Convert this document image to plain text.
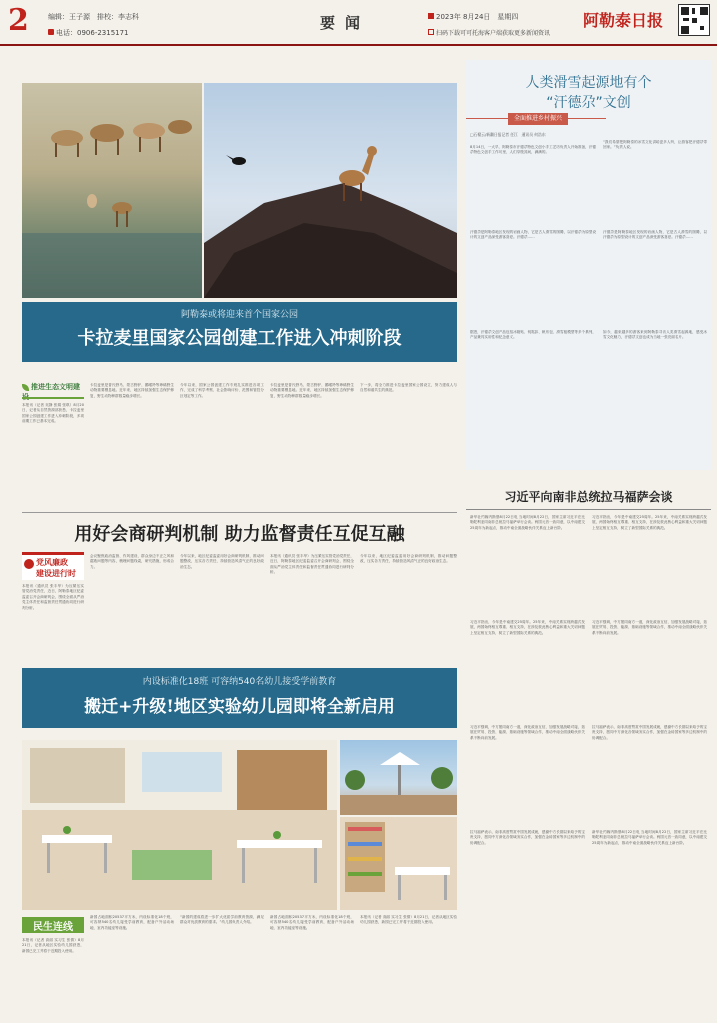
2	编辑：王子源　排校：李志科
电话：0906-2315171
要闻	2023年 8月24日　星期四
扫码下载可可托海客户端获取更多新闻资讯
阿勒泰日报
阿勒泰或将迎来首个国家公园
卡拉麦里国家公园创建工作进入冲刺阶段
推进生态文明建
本报讯（记者 吴静 张娟 张琪）8月20日，记者从自然资源部获悉，卡拉麦里国家公园创建工作进入冲刺阶段，多项前期工作已基本完成。
卡拉麦里是普氏野马、蒙古野驴、鹅喉羚等珍稀野生动物重要栖息地。近年来，地区持续加强生态保护修复，野生动物种群数量稳步增长。
今年以来，国家公园创建工作专班扎实推进各项工作，完成了科学考察、社会影响评价、范围和管控分区划定等工作。
卡拉麦里是普氏野马、蒙古野驴、鹅喉羚等珍稀野生动物重要栖息地。近年来，地区持续加强生态保护修复，野生动物种群数量稳步增长。
下一步，将全力推进卡拉麦里国家公园设立，努力建成人与自然和谐共生的典范。
用好会商研判机制 助力监督责任互促互融
党风廉政
建设进行时
本报讯（通讯员 张丰华）为压紧压实管党治党责任，近日，阿勒泰地区纪委监委召开会商研判会，围绕全面从严治党主体责任和监督责任贯通协同进行研判分析。
会议聚焦政治监督、作风建设、群众身边不正之风和腐败问题等内容，梳理问题线索，研究措施，形成合力。
今年以来，地区纪委监委用好会商研判机制，推动问题整改，压实各方责任，持续营造风清气正的良好政治生态。
本报讯（通讯员 张丰华）为压紧压实管党治党责任，近日，阿勒泰地区纪委监委召开会商研判会，围绕全面从严治党主体责任和监督责任贯通协同进行研判分析。
今年以来，地区纪委监委用好会商研判机制，推动问题整改，压实各方责任，持续营造风清气正的良好政治生态。
内设标准化18班 可容纳540名幼儿接受学前教育
搬迁+升级!地区实验幼儿园即将全新启用
民生连线
本报讯（记者 高丽 实习生 张倩）8月21日，记者从地区实验幼儿园获悉，新园已完工并将于近期投入使用。
新园占地面积20537平方米，内设标准化18个班，可容纳540名幼儿接受学前教育，配备户外活动场地、室内功能室等设施。
“新园的建成将进一步扩大优质学前教育资源，满足群众对优质教育的需求。”幼儿园负责人介绍。
新园占地面积20537平方米，内设标准化18个班，可容纳540名幼儿接受学前教育，配备户外活动场地、室内功能室等设施。
本报讯（记者 高丽 实习生 张倩）8月21日，记者从地区实验幼儿园获悉，新园已完工并将于近期投入使用。
人类滑雪起源地有个
“汗德尕”文创
全面推进乡村振兴
□石榴云/新疆日报记者 任江　通讯员 何浩东
8月14日，一大早，阿勒泰市汗德尕特色文创小手工艺坊负责人开始准备，汗德尕特色文创手工作坊里，人们穿梭其间，满满的。
汗德尕是阿勒泰地区发现的岩画人物，它是古人滑雪的图腾，以汗德尕为原型设计的文创产品深受游客喜爱。汗德尕……
据悉，汗德尕文创产品包括冰箱贴、钥匙扣、帆布包、滑雪板模型等多个系列，产品兼具实用性和纪念意义。
“我们希望把阿勒泰的冰雪文化讲给更多人听，让游客把汗德尕带回家。”负责人说。
汗德尕是阿勒泰地区发现的岩画人物，它是古人滑雪的图腾，以汗德尕为原型设计的文创产品深受游客喜爱。汗德尕……
如今，越来越多的游客来到阿勒泰寻访人类滑雪起源地，感受冰雪文化魅力，汗德尕文创也成为当地一张亮丽名片。
习近平向南非总统拉马福萨会谈
新华社约翰内斯堡8月22日电 当地时间8月22日，国家主席习近平在比勒陀利亚同南非总统拉马福萨举行会谈。两国元首一致同意，以中南建交25周年为新起点，推动中南全面战略伙伴关系迈上新台阶。
习近平指出，今年是中南建交25周年。25年来，中南关系实现跨越式发展，两国始终相互尊重、相互支持，在涉及彼此核心利益和重大关切问题上坚定相互支持，树立了新型国际关系的典范。
习近平强调，中方愿同南方一道，深化政治互信，加强发展战略对接，拓展在贸易、投资、能源、基础设施等领域合作，推动中南全面战略伙伴关系不断向前发展。
拉马福萨表示，南非高度赞赏中国发展成就，感谢中方长期以来给予的宝贵支持，愿同中方深化各领域务实合作，加强在金砖国家等多边机制中的协调配合。
习近平指出，今年是中南建交25周年。25年来，中南关系实现跨越式发展，两国始终相互尊重、相互支持，在涉及彼此核心利益和重大关切问题上坚定相互支持，树立了新型国际关系的典范。
习近平强调，中方愿同南方一道，深化政治互信，加强发展战略对接，拓展在贸易、投资、能源、基础设施等领域合作，推动中南全面战略伙伴关系不断向前发展。
拉马福萨表示，南非高度赞赏中国发展成就，感谢中方长期以来给予的宝贵支持，愿同中方深化各领域务实合作，加强在金砖国家等多边机制中的协调配合。
新华社约翰内斯堡8月22日电 当地时间8月22日，国家主席习近平在比勒陀利亚同南非总统拉马福萨举行会谈。两国元首一致同意，以中南建交25周年为新起点，推动中南全面战略伙伴关系迈上新台阶。
